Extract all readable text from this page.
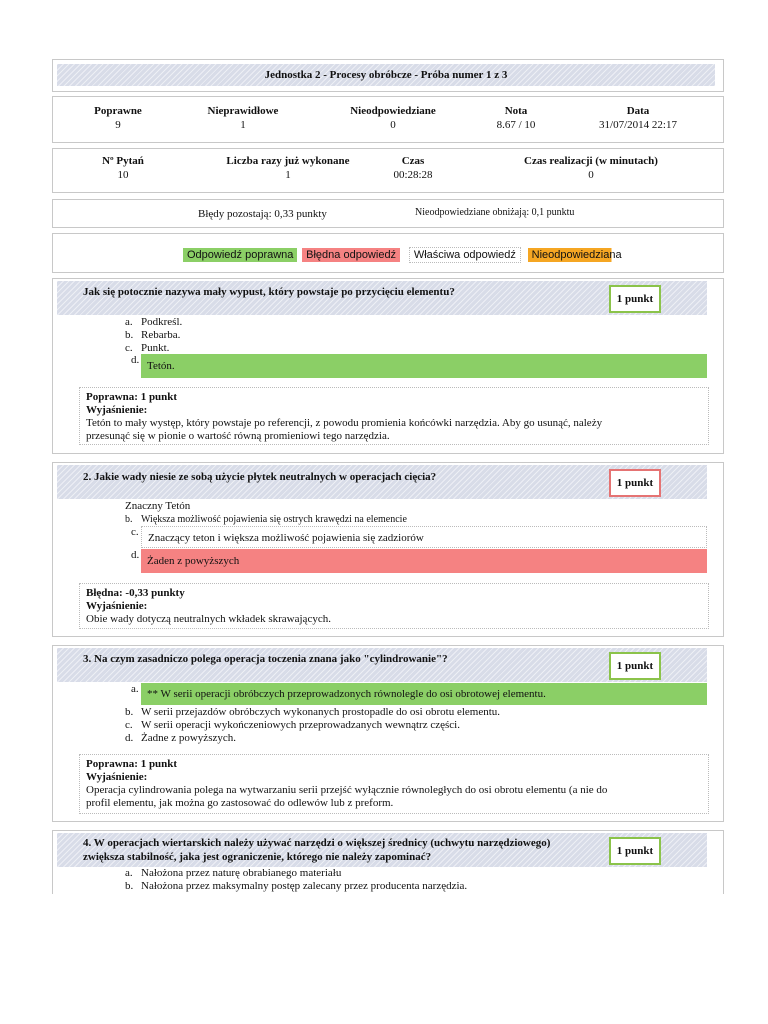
Jednostka 2 - Procesy obróbcze - Próba numer 1 z 3
Poprawne
9
Nieprawidłowe
1
Nieodpowiedziane
0
Nota
8.67 / 10
Data
31/07/2014 22:17
Nº Pytań
10
Liczba razy już wykonane
1
Czas
00:28:28
Czas realizacji (w minutach)
0
Błędy pozostają: 0,33 punkty	Nieodpowiedziane obniżają: 0,1 punktu
Odpowiedź poprawna Błędna odpowiedź Właściwa odpowiedź Nieodpowiedziana
Jak się potocznie nazywa mały wypust, który powstaje po przycięciu elementu?
1 punkt
a. Podkreśl.
b. Rebarba.
c. Punkt.
d. Tetón.
Poprawna: 1 punkt
Wyjaśnienie:
Tetón to mały występ, który powstaje po referencji, z powodu promienia końcówki narzędzia. Aby go usunąć, należy
przesunąć się w pionie o wartość równą promieniowi tego narzędzia.
2. Jakie wady niesie ze sobą użycie płytek neutralnych w operacjach cięcia?	1 punkt
Znaczny Tetón
b. Większa możliwość pojawienia się ostrych krawędzi na elemencie
c. Znaczący teton i większa możliwość pojawienia się zadziorów
d. Żaden z powyższych
Błędna: -0,33 punkty
Wyjaśnienie:
Obie wady dotyczą neutralnych wkładek skrawających.
3. Na czym zasadniczo polega operacja toczenia znana jako "cylindrowanie"?
1 punkt
a. ** W serii operacji obróbczych przeprowadzonych równolegle do osi obrotowej elementu.
b. W serii przejazdów obróbczych wykonanych prostopadle do osi obrotu elementu.
c. W serii operacji wykończeniowych przeprowadzanych wewnątrz części.
d. Żadne z powyższych.
Poprawna: 1 punkt
Wyjaśnienie:
Operacja cylindrowania polega na wytwarzaniu serii przejść wyłącznie równoległych do osi obrotu elementu (a nie do
profil elementu, jak można go zastosować do odlewów lub z preform.
4. W operacjach wiertarskich należy używać narzędzi o większej średnicy (uchwytu narzędziowego)
zwiększa stabilność, jaka jest ograniczenie, którego nie należy zapominać?	1 punkt
a. Nałożona przez naturę obrabianego materiału
b. Nałożona przez maksymalny postęp zalecany przez producenta narzędzia.
